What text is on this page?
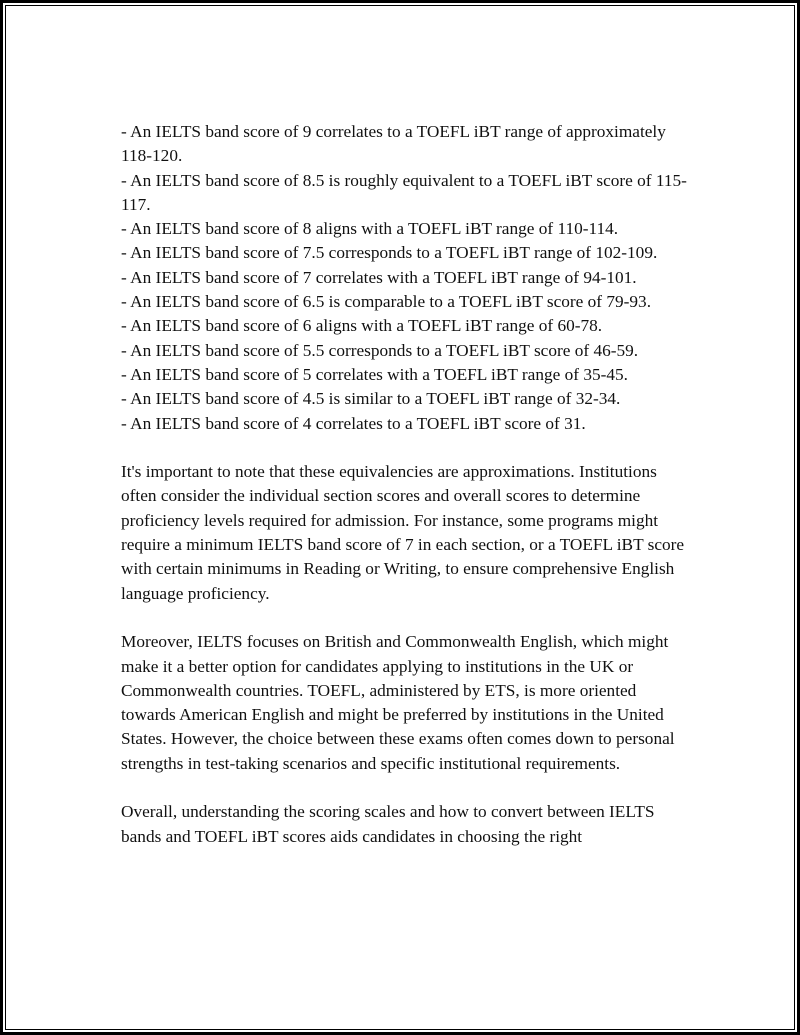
- An IELTS band score of 9 correlates to a TOEFL iBT range of approximately 118-120.

- An IELTS band score of 8.5 is roughly equivalent to a TOEFL iBT score of 115-117.

- An IELTS band score of 8 aligns with a TOEFL iBT range of 110-114.

- An IELTS band score of 7.5 corresponds to a TOEFL iBT range of 102-109.

- An IELTS band score of 7 correlates with a TOEFL iBT range of 94-101.

- An IELTS band score of 6.5 is comparable to a TOEFL iBT score of 79-93.

- An IELTS band score of 6 aligns with a TOEFL iBT range of 60-78.

- An IELTS band score of 5.5 corresponds to a TOEFL iBT score of 46-59.

- An IELTS band score of 5 correlates with a TOEFL iBT range of 35-45.

- An IELTS band score of 4.5 is similar to a TOEFL iBT range of 32-34.

- An IELTS band score of 4 correlates to a TOEFL iBT score of 31.

It's important to note that these equivalencies are approximations. Institutions often consider the individual section scores and overall scores to determine proficiency levels required for admission. For instance, some programs might require a minimum IELTS band score of 7 in each section, or a TOEFL iBT score with certain minimums in Reading or Writing, to ensure comprehensive English language proficiency.

Moreover, IELTS focuses on British and Commonwealth English, which might make it a better option for candidates applying to institutions in the UK or Commonwealth countries. TOEFL, administered by ETS, is more oriented towards American English and might be preferred by institutions in the United States. However, the choice between these exams often comes down to personal strengths in test-taking scenarios and specific institutional requirements.

Overall, understanding the scoring scales and how to convert between IELTS bands and TOEFL iBT scores aids candidates in choosing the right
